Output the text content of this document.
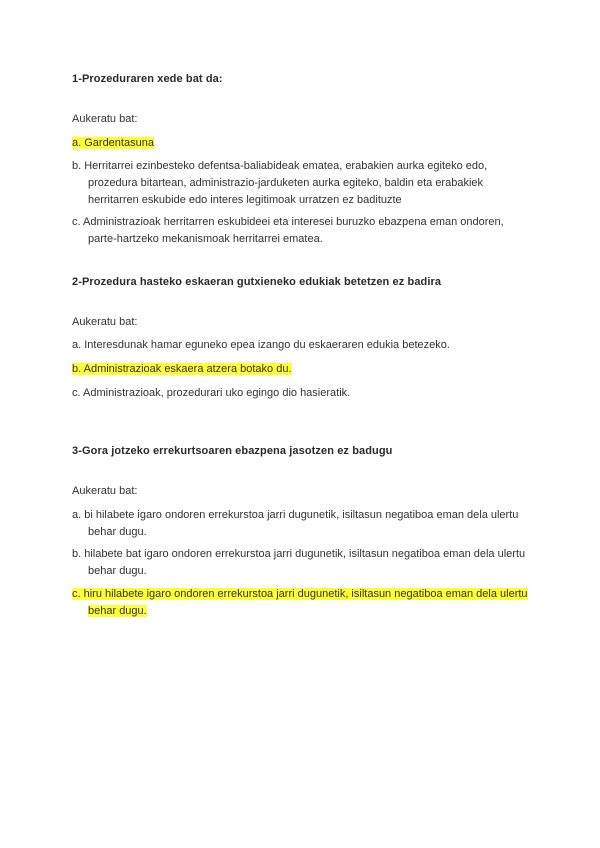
1-Prozeduraren xede bat da:
Aukeratu bat:
a. Gardentasuna
b. Herritarrei ezinbesteko defentsa-baliabideak ematea, erabakien aurka egiteko edo, prozedura bitartean, administrazio-jarduketen aurka egiteko, baldin eta erabakiek herritarren eskubide edo interes legitimoak urratzen ez badituzte
c. Administrazioak herritarren eskubideei eta interesei buruzko ebazpena eman ondoren, parte-hartzeko mekanismoak herritarrei ematea.
2-Prozedura hasteko eskaeran gutxieneko edukiak betetzen ez badira
Aukeratu bat:
a. Interesdunak hamar eguneko epea izango du eskaeraren edukia betezeko.
b. Administrazioak eskaera atzera botako du.
c. Administrazioak, prozedurari uko egingo dio hasieratik.
3-Gora jotzeko errekurtsoaren ebazpena jasotzen ez badugu
Aukeratu bat:
a. bi hilabete igaro ondoren errekurstoa jarri dugunetik, isiltasun negatiboa eman dela ulertu behar dugu.
b. hilabete bat igaro ondoren errekurstoa jarri dugunetik, isiltasun negatiboa eman dela ulertu behar dugu.
c. hiru hilabete igaro ondoren errekurstoa jarri dugunetik, isiltasun negatiboa eman dela ulertu behar dugu.
